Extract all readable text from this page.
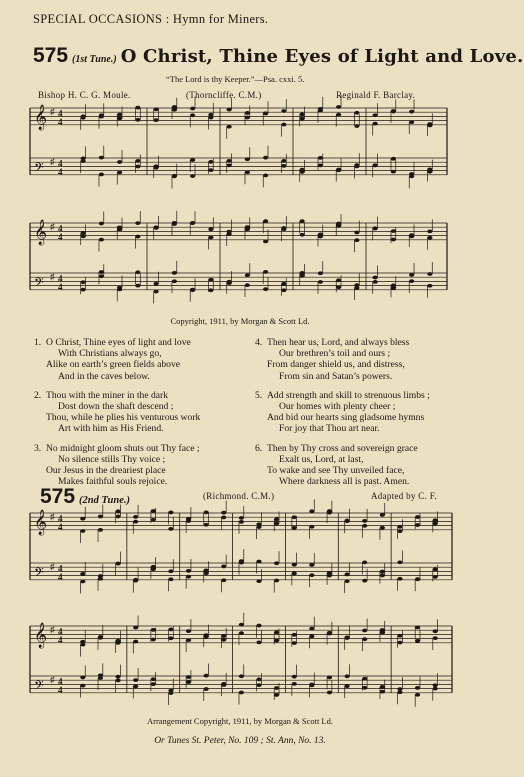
SPECIAL OCCASIONS : Hymn for Miners.
575 (1st Tune.) O Christ, Thine Eyes of Light and Love.
“The Lord is thy Keeper.”—Psa. cxxi. 5.
Bishop H. C. G. Moule.	(Thorncliffe. C.M.)	Reginald F. Barclay.
𝄞 ♯ 4
4
𝄢 ♯ 4
4
𝄞 ♯ 4
4
𝄢 ♯ 4
4
Copyright, 1911, by Morgan & Scott Ld.
1. O Christ, Thine eyes of light and love
With Christians always go,
Alike on earth’s green fields above
And in the caves below.
2. Thou with the miner in the dark
Dost down the shaft descend ;
Thou, while he plies his venturous work
Art with him as His Friend.
3. No midnight gloom shuts out Thy face ;
No silence stills Thy voice ;
Our Jesus in the dreariest place
Makes faithful souls rejoice.
4. Then hear us, Lord, and always bless
Our brethren’s toil and ours ;
From danger shield us, and distress,
From sin and Satan’s powers.
5. Add strength and skill to strenuous limbs ;
Our homes with plenty cheer ;
And bid our hearts sing gladsome hymns
For joy that Thou art near.
6. Then by Thy cross and sovereign grace
Exalt us, Lord, at last,
To wake and see Thy unveiled face,
Where darkness all is past. Amen.
575 (2nd Tune.)	(Richmond. C.M.)	Adapted by C. F.
𝄞 ♯ 4
4
𝄢 ♯ 4
4
𝄞 ♯ 4
4
𝄢 ♯ 4
4
Arrangement Copyright, 1911, by Morgan & Scott Ld.
Or Tunes St. Peter, No. 109 ; St. Ann, No. 13.
